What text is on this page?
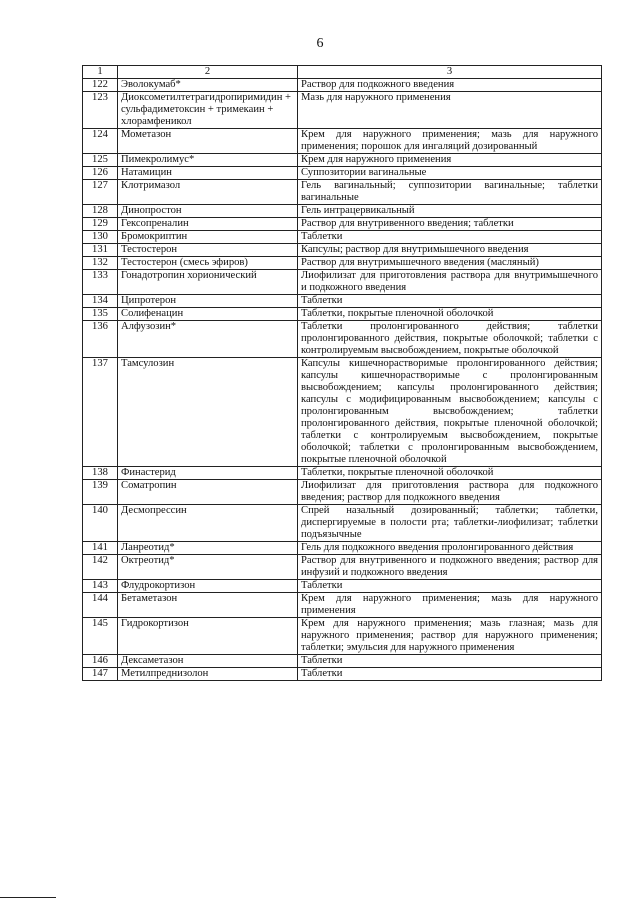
6
1	2	3
122	Эволокумаб*	Раствор для подкожного введения
123	Диоксометилтетрагидропиримидин + сульфадиметоксин + тримекаин + хлорамфеникол	Мазь для наружного применения
124	Мометазон	Крем для наружного применения; мазь для наружного применения; порошок для ингаляций дозированный
125	Пимекролимус*	Крем для наружного применения
126	Натамицин	Суппозитории вагинальные
127	Клотримазол	Гель вагинальный; суппозитории вагинальные; таблетки вагинальные
128	Динопростон	Гель интрацервикальный
129	Гексопреналин	Раствор для внутривенного введения; таблетки
130	Бромокриптин	Таблетки
131	Тестостерон	Капсулы; раствор для внутримышечного введения
132	Тестостерон (смесь эфиров)	Раствор для внутримышечного введения (масляный)
133	Гонадотропин хорионический	Лиофилизат для приготовления раствора для внутримышечного и подкожного введения
134	Ципротерон	Таблетки
135	Солифенацин	Таблетки, покрытые пленочной оболочкой
136	Алфузозин*	Таблетки пролонгированного действия; таблетки пролонгированного действия, покрытые оболочкой; таблетки с контролируемым высвобождением, покрытые оболочкой
137	Тамсулозин	Капсулы кишечнорастворимые пролонгированного действия; капсулы кишечнорастворимые с пролонгированным высвобождением; капсулы пролонгированного действия; капсулы с модифицированным высвобождением; капсулы с пролонгированным высвобождением; таблетки пролонгированного действия, покрытые пленочной оболочкой; таблетки с контролируемым высвобождением, покрытые оболочкой; таблетки с пролонгированным высвобождением, покрытые пленочной оболочкой
138	Финастерид	Таблетки, покрытые пленочной оболочкой
139	Соматропин	Лиофилизат для приготовления раствора для подкожного введения; раствор для подкожного введения
140	Десмопрессин	Спрей назальный дозированный; таблетки; таблетки, диспергируемые в полости рта; таблетки-лиофилизат; таблетки подъязычные
141	Ланреотид*	Гель для подкожного введения пролонгированного действия
142	Октреотид*	Раствор для внутривенного и подкожного введения; раствор для инфузий и подкожного введения
143	Флудрокортизон	Таблетки
144	Бетаметазон	Крем для наружного применения; мазь для наружного применения
145	Гидрокортизон	Крем для наружного применения; мазь глазная; мазь для наружного применения; раствор для наружного применения; таблетки; эмульсия для наружного применения
146	Дексаметазон	Таблетки
147	Метилпреднизолон	Таблетки
